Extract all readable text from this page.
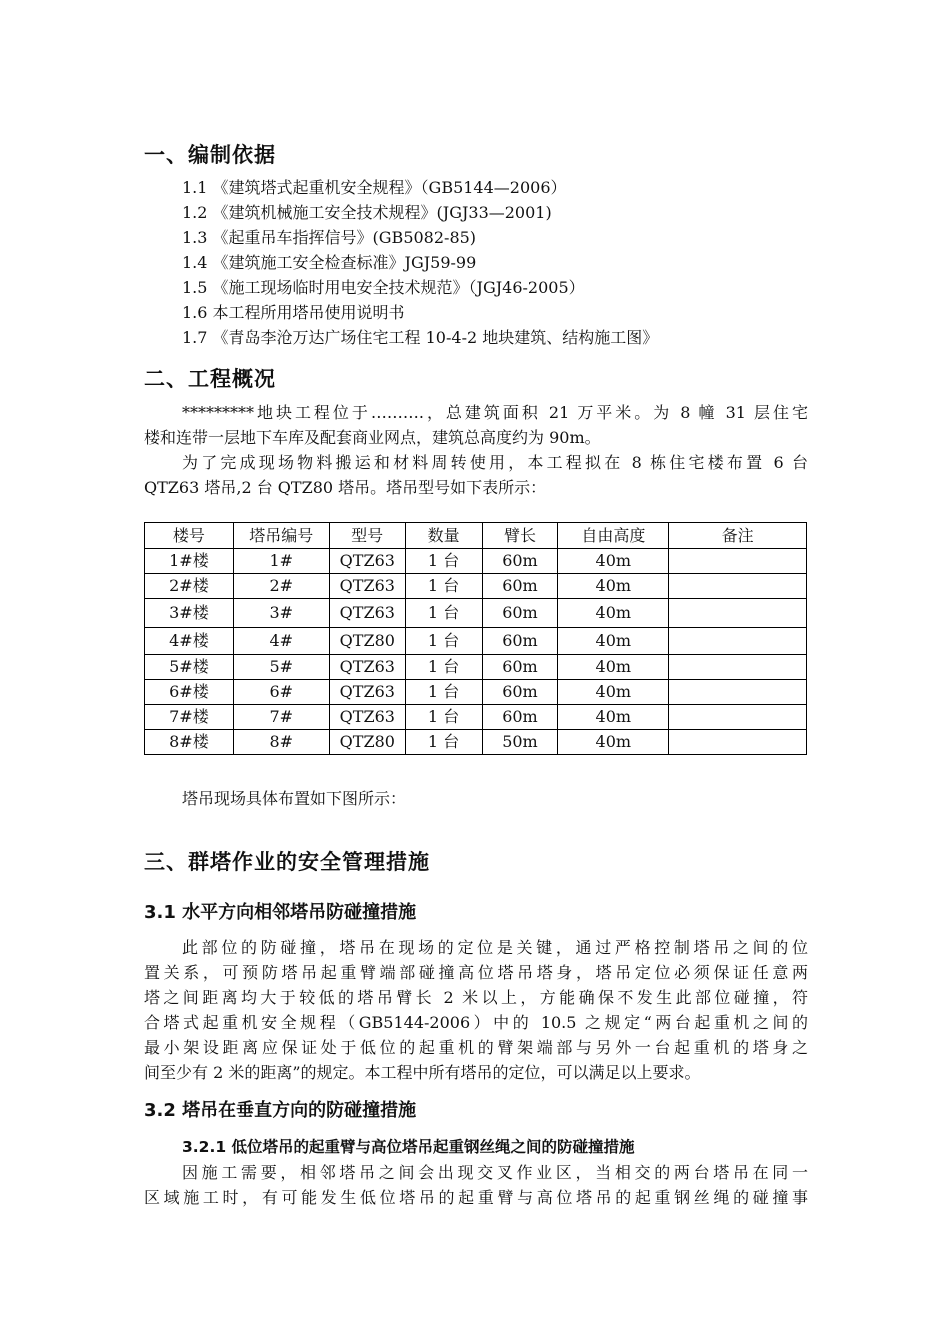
一、编制依据
1.1 《建筑塔式起重机安全规程》（GB5144—2006）
1.2 《建筑机械施工安全技术规程》(JGJ33—2001)
1.3 《起重吊车指挥信号》(GB5082-85)
1.4 《建筑施工安全检查标准》JGJ59-99
1.5 《施工现场临时用电安全技术规范》（JGJ46-2005）
1.6 本工程所用塔吊使用说明书
1.7 《青岛李沧万达广场住宅工程 10-4-2 地块建筑、结构施工图》
二、工程概况

*********地块工程位于……….，总建筑面积 21 万平米。为 8 幢 31 层住宅

楼和连带一层地下车库及配套商业网点，建筑总高度约为 90m。

为了完成现场物料搬运和材料周转使用，本工程拟在 8 栋住宅楼布置 6 台

QTZ63 塔吊,2 台 QTZ80 塔吊。塔吊型号如下表所示：

楼号	塔吊编号	型号	数量	臂长	自由高度	备注
1#楼	1#	QTZ63	1 台	60m	40m	
2#楼	2#	QTZ63	1 台	60m	40m	
3#楼	3#	QTZ63	1 台	60m	40m	
4#楼	4#	QTZ80	1 台	60m	40m	
5#楼	5#	QTZ63	1 台	60m	40m	
6#楼	6#	QTZ63	1 台	60m	40m	
7#楼	7#	QTZ63	1 台	60m	40m	
8#楼	8#	QTZ80	1 台	50m	40m	

塔吊现场具体布置如下图所示：

三、群塔作业的安全管理措施
3.1 水平方向相邻塔吊防碰撞措施

此部位的防碰撞，塔吊在现场的定位是关键，通过严格控制塔吊之间的位

置关系，可预防塔吊起重臂端部碰撞高位塔吊塔身，塔吊定位必须保证任意两

塔之间距离均大于较低的塔吊臂长 2 米以上，方能确保不发生此部位碰撞，符

合塔式起重机安全规程（GB5144-2006）中的 10.5 之规定“两台起重机之间的

最小架设距离应保证处于低位的起重机的臂架端部与另外一台起重机的塔身之

间至少有 2 米的距离”的规定。本工程中所有塔吊的定位，可以满足以上要求。

3.2 塔吊在垂直方向的防碰撞措施
3.2.1 低位塔吊的起重臂与高位塔吊起重钢丝绳之间的防碰撞措施

因施工需要，相邻塔吊之间会出现交叉作业区，当相交的两台塔吊在同一

区域施工时，有可能发生低位塔吊的起重臂与高位塔吊的起重钢丝绳的碰撞事
